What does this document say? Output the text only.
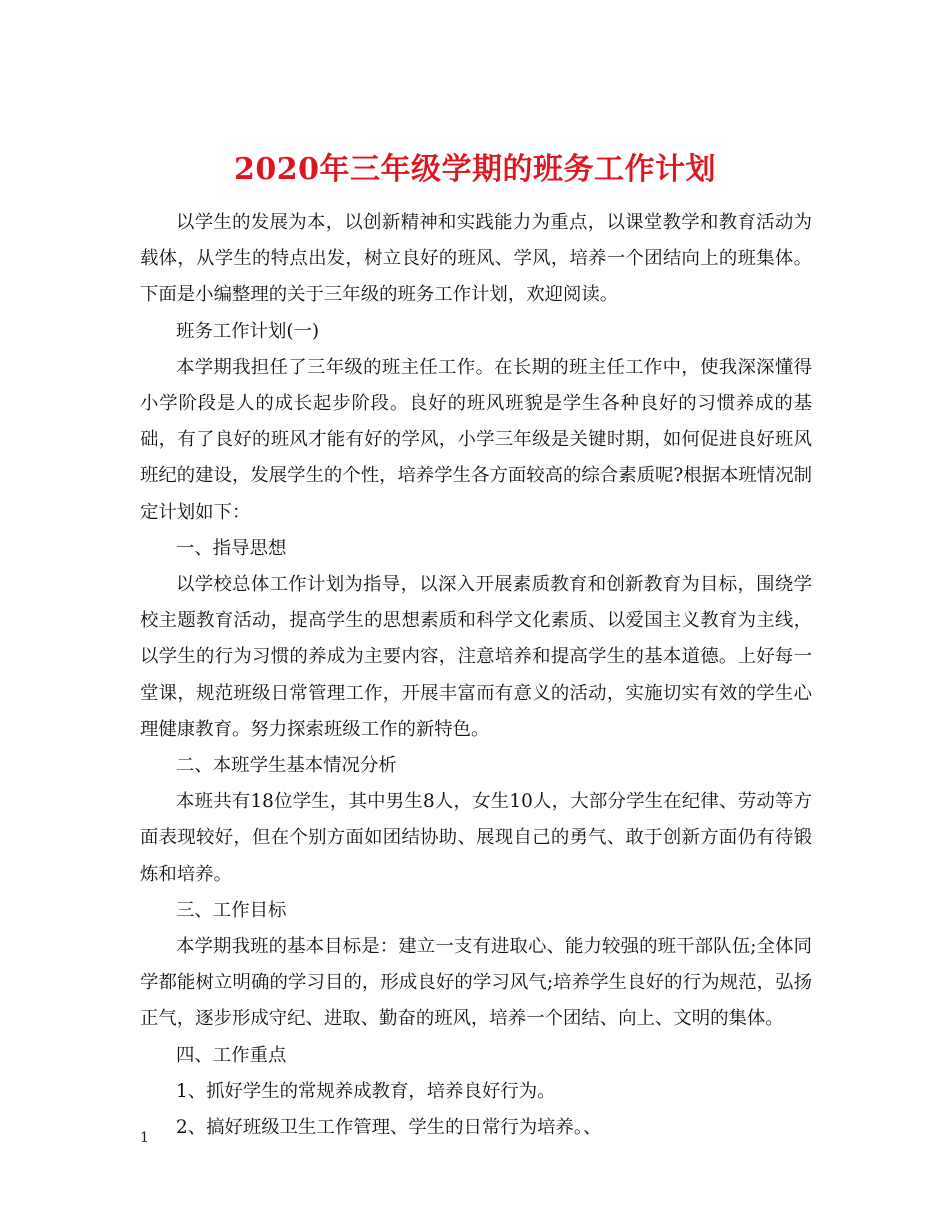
2020年三年级学期的班务工作计划

以学生的发展为本，以创新精神和实践能力为重点，以课堂教学和教育活动为载体，从学生的特点出发，树立良好的班风、学风，培养一个团结向上的班集体。下面是小编整理的关于三年级的班务工作计划，欢迎阅读。

班务工作计划(一)

本学期我担任了三年级的班主任工作。在长期的班主任工作中，使我深深懂得小学阶段是人的成长起步阶段。良好的班风班貌是学生各种良好的习惯养成的基础，有了良好的班风才能有好的学风，小学三年级是关键时期，如何促进良好班风班纪的建设，发展学生的个性，培养学生各方面较高的综合素质呢?根据本班情况制定计划如下：

一、指导思想

以学校总体工作计划为指导，以深入开展素质教育和创新教育为目标，围绕学校主题教育活动，提高学生的思想素质和科学文化素质、以爱国主义教育为主线，以学生的行为习惯的养成为主要内容，注意培养和提高学生的基本道德。上好每一堂课，规范班级日常管理工作，开展丰富而有意义的活动，实施切实有效的学生心理健康教育。努力探索班级工作的新特色。

二、本班学生基本情况分析

本班共有18位学生，其中男生8人，女生10人，大部分学生在纪律、劳动等方面表现较好，但在个别方面如团结协助、展现自己的勇气、敢于创新方面仍有待锻炼和培养。

三、工作目标

本学期我班的基本目标是：建立一支有进取心、能力较强的班干部队伍;全体同学都能树立明确的学习目的，形成良好的学习风气;培养学生良好的行为规范，弘扬正气，逐步形成守纪、进取、勤奋的班风，培养一个团结、向上、文明的集体。

四、工作重点

1、抓好学生的常规养成教育，培养良好行为。

2、搞好班级卫生工作管理、学生的日常行为培养。、

1
